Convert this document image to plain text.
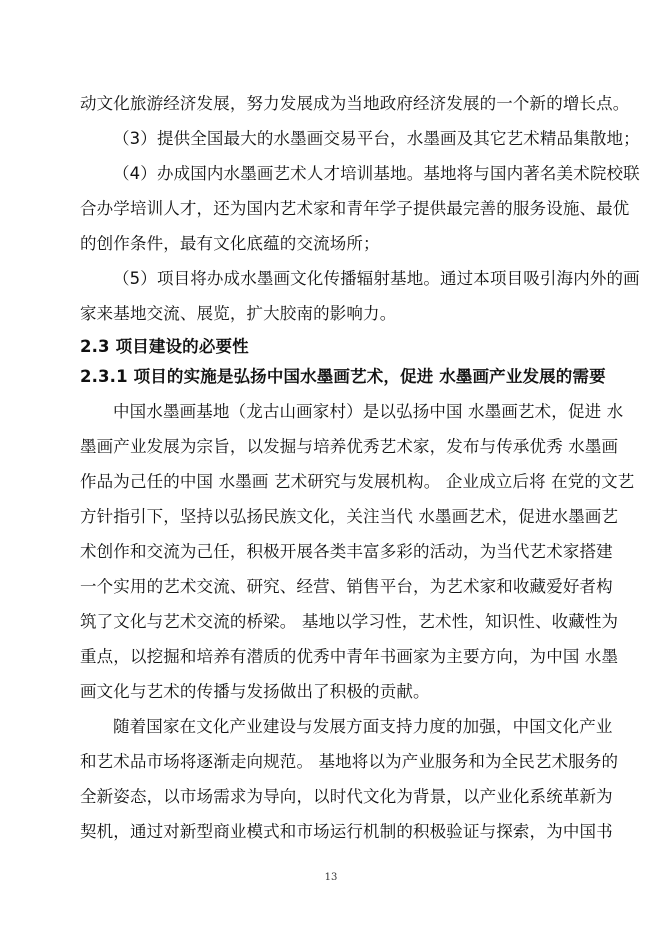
动文化旅游经济发展，努力发展成为当地政府经济发展的一个新的增长点。
（3）提供全国最大的水墨画交易平台，水墨画及其它艺术精品集散地；
（4）办成国内水墨画艺术人才培训基地。基地将与国内著名美术院校联
合办学培训人才，还为国内艺术家和青年学子提供最完善的服务设施、最优
的创作条件，最有文化底蕴的交流场所；
（5）项目将办成水墨画文化传播辐射基地。通过本项目吸引海内外的画
家来基地交流、展览，扩大胶南的影响力。
2.3 项目建设的必要性
2.3.1 项目的实施是弘扬中国水墨画艺术，促进 水墨画产业发展的需要
中国水墨画基地（龙古山画家村）是以弘扬中国 水墨画艺术，促进 水
墨画产业发展为宗旨，以发掘与培养优秀艺术家，发布与传承优秀 水墨画
作品为己任的中国 水墨画 艺术研究与发展机构。 企业成立后将 在党的文艺
方针指引下，坚持以弘扬民族文化，关注当代 水墨画艺术，促进水墨画艺
术创作和交流为己任，积极开展各类丰富多彩的活动，为当代艺术家搭建
一个实用的艺术交流、研究、经营、销售平台，为艺术家和收藏爱好者构
筑了文化与艺术交流的桥梁。 基地以学习性，艺术性，知识性、收藏性为
重点，以挖掘和培养有潜质的优秀中青年书画家为主要方向，为中国 水墨
画文化与艺术的传播与发扬做出了积极的贡献。
随着国家在文化产业建设与发展方面支持力度的加强，中国文化产业
和艺术品市场将逐渐走向规范。 基地将以为产业服务和为全民艺术服务的
全新姿态，以市场需求为导向，以时代文化为背景，以产业化系统革新为
契机，通过对新型商业模式和市场运行机制的积极验证与探索，为中国书
13
